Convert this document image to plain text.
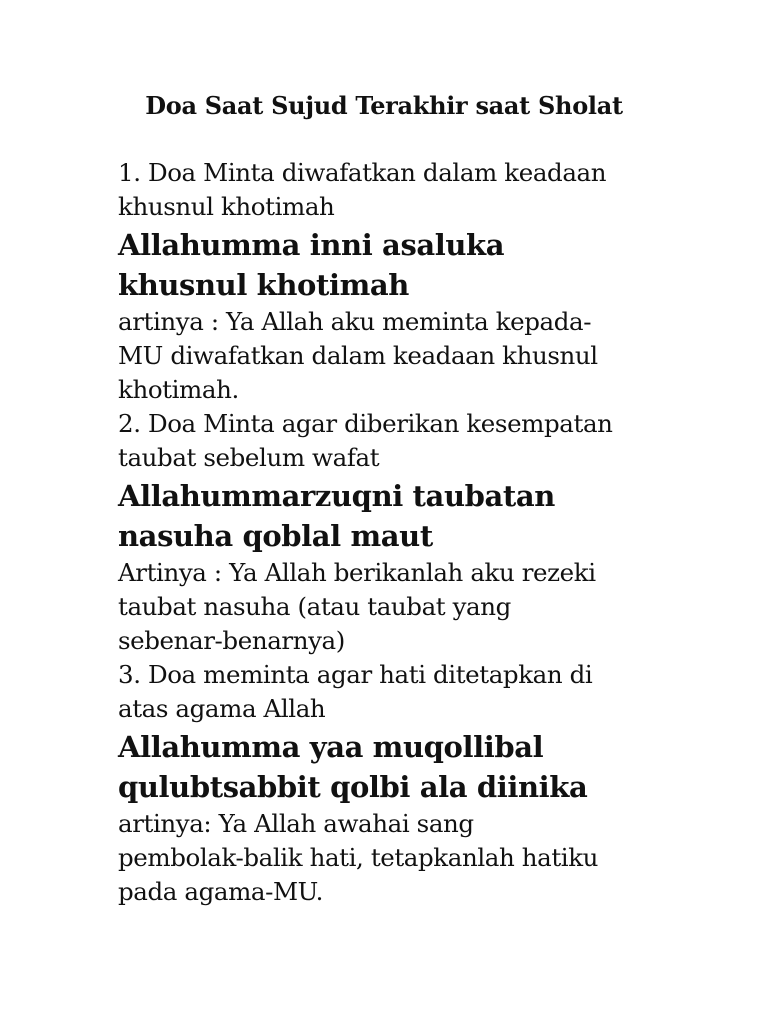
Doa Saat Sujud Terakhir saat Sholat
1. Doa Minta diwafatkan dalam keadaan
khusnul khotimah
Allahumma inni asaluka
khusnul khotimah
artinya : Ya Allah aku meminta kepada-
MU diwafatkan dalam keadaan khusnul
khotimah.
2. Doa Minta agar diberikan kesempatan
taubat sebelum wafat
Allahummarzuqni taubatan
nasuha qoblal maut
Artinya : Ya Allah berikanlah aku rezeki
taubat nasuha (atau taubat yang
sebenar-benarnya)
3. Doa meminta agar hati ditetapkan di
atas agama Allah
Allahumma yaa muqollibal
qulubtsabbit qolbi ala diinika
artinya: Ya Allah awahai sang
pembolak-balik hati, tetapkanlah hatiku
pada agama-MU.
